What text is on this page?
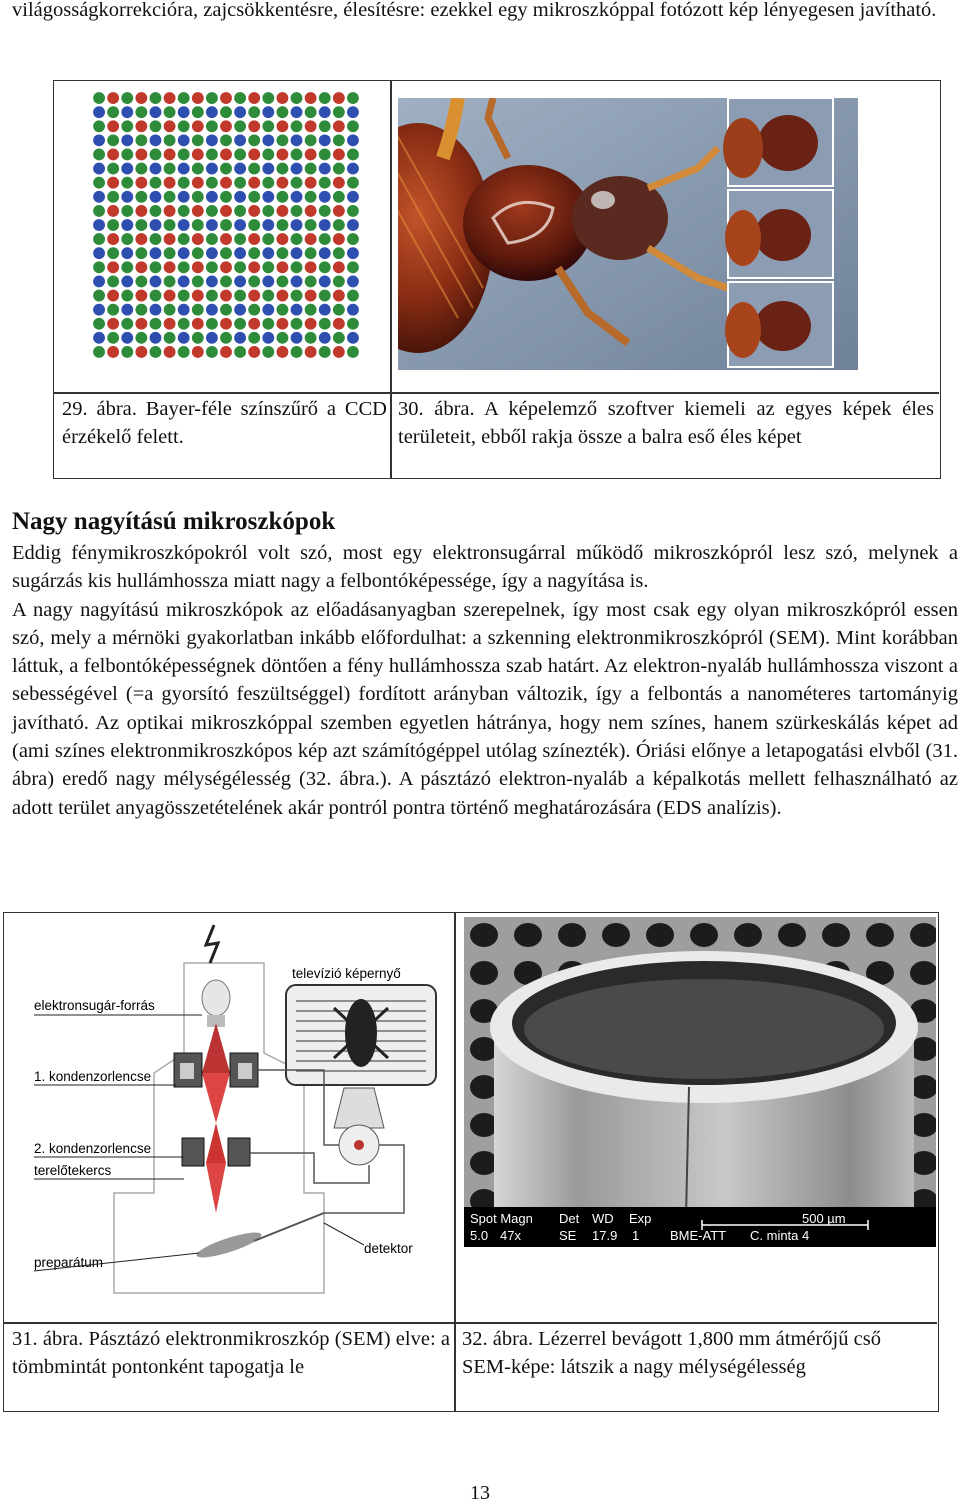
világosságkorrekcióra, zajcsökkentésre, élesítésre: ezekkel egy mikroszkóppal fotózott kép lényegesen javítható.

29. ábra. Bayer-féle színszűrő a CCD érzékelő felett.
30. ábra. A képelemző szoftver kiemeli az egyes képek éles területeit, ebből rakja össze a balra eső éles képet
Nagy nagyítású mikroszkópok

Eddig fénymikroszkópokról volt szó, most egy elektronsugárral működő mikroszkópról lesz szó, melynek a sugárzás kis hullámhossza miatt nagy a felbontóképessége, így a nagyítása is.

A nagy nagyítású mikroszkópok az előadásanyagban szerepelnek, így most csak egy olyan mikroszkópról essen szó, mely a mérnöki gyakorlatban inkább előfordulhat: a szkenning elektronmikroszkópról (SEM). Mint korábban láttuk, a felbontóképességnek döntően a fény hullámhossza szab határt. Az elektron-nyaláb hullámhossza viszont a sebességével (=a gyorsító feszültséggel) fordított arányban változik, így a felbontás a nanométeres tartományig javítható. Az optikai mikroszkóppal szemben egyetlen hátránya, hogy nem színes, hanem szürkeskálás képet ad (ami színes elektronmikroszkópos kép azt számítógéppel utólag színezték). Óriási előnye a letapogatási elvből (31. ábra) eredő nagy mélységélesség (32. ábra.). A pásztázó elektron-nyaláb a képalkotás mellett felhasználható az adott terület anyagösszetételének akár pontról pontra történő meghatározására (EDS analízis).

elektronsugár-forrás
televízió képernyő
1. kondenzorlencse
2. kondenzorlencse
terelőtekercs
preparátum
detektor
Spot Magn Det WD Exp	500 µm
5.0 47x	SE 17.9 1 BME-ATT C. minta 4
31. ábra. Pásztázó elektronmikroszkóp (SEM) elve: a tömbmintát pontonként tapogatja le
32. ábra. Lézerrel bevágott 1,800 mm átmérőjű cső SEM-képe: látszik a nagy mélységélesség
13
